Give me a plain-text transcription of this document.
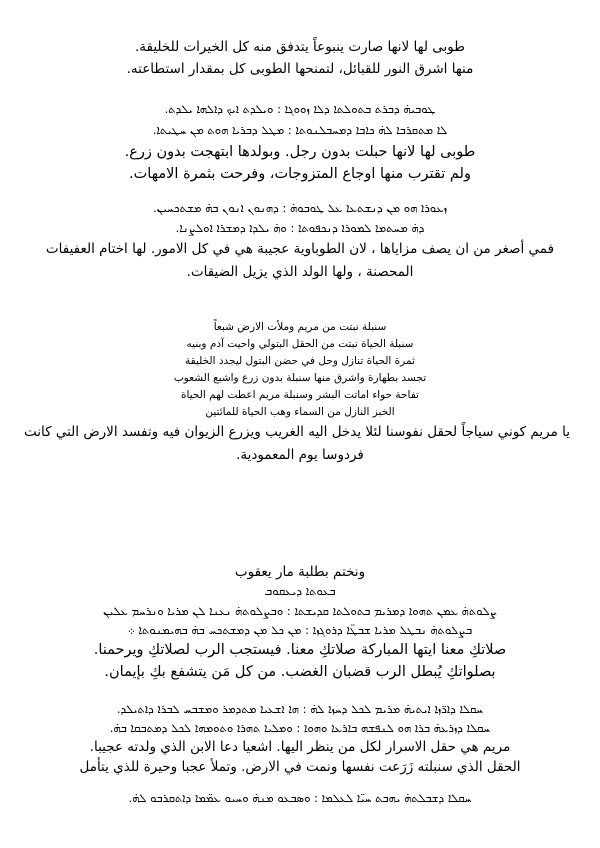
طوبى لها لانها صارت ينبوعاً يتدفق منه كل الخيرات للخليقة.
منها اشرق النور للقبائل، لتمنحها الطوبى كل بمقدار استطاعته.
ܛܘܒܝܗ̇ ܕܒܪܬ ܒܬܘܠܬܐ ܕܠܐ ܙܘܘܓܐ : ܘܝܠܕܬ ܐܝܟ ܕܐܠܗܐ ܝܠܕܬ.
ܠܐ ܡܬܩܪܒܐ ܠܗ̇ ܟܐܒܐ ܕܡܚܒܠܢܘܬܐ : ܡܛܠ ܕܒܪܝܐ ܗܘܬ ܡܢ ܚܛܝܬܐ.
طوبى لها لانها حبلت بدون رجل. وبولدها ابتهجت بدون زرع.
ولم تقترب منها اوجاع المتزوجات، وفرحت بثمرة الامهات.
ܙܥܘܪܐ ܗܘ ܡܢ ܕܢܫܬܥܐ ܥܠ ܛܘܒܘܗ̇ : ܕܗܢܘܢ ܐܢܘܢ ܒܗ̇ ܡܫܬܟܚܝܢ.
ܕܗ̇ ܡܚܬܡܐ ܠܡܘܪܐ ܕܢܟܦܘܬܐ : ܘܗ̇ ܝܠܕܐ ܕܡܫܪܐ ܐܘܠܨܢܐ.
فمي أصغر من ان يصف مزاياها ، لان الطوباوية عجيبة هي في كل الامور. لها اختام العفيفات
المحصنة ، ولها الولد الذي يزيل الضيقات.
سنبلة نبتت من مريم وملأت الارض شبعاً
سنبلة الحياة نبتت من الحقل البتولي واحيت آدم وبنيه
ثمرة الحياة تنازل وحل في حضن البتول ليجدد الخليقة
تجسد بطهارة واشرق منها سنبلة بدون زرع واشبع الشعوب
تفاحة حواء اماتت البشر وسنبلة مريم اعطت لهم الحياة
الخبز النازل من السماء وهب الحياة للمائتين
يا مريم كوني سياجاً لحقل نفوسنا لئلا يدخل اليه الغريب ويزرع الزيوان فيه وتفسد الارض التي كانت
فردوسا يوم المعمودية.
ونختم بطلبة مار يعقوب
ܒܥܘܬܐ ܕܝܥܩܘܒ
ܨܠܘܬܗ̇ ܥܡܢ ܬܗܘܐ ܕܡܪܝܡ ܒܬܘܠܬܐ ܩܕܝܫܬܐ : ܘܒܨܠܘܬܗ̇ ܢܥܢܐ ܠܢ ܡܪܝܐ ܘܢܪܚܡ ܥܠܝܢ
ܒܨܠܘܬܗ̇ ܢܒܛܠ ܡܪܝܐ ܫܒܛ̈ܐ ܕܪܘܓܙܐ : ܡܢ ܟܠ ܡܢ ܕܡܫܬܟܚ ܒܗ̇ ܒܗܝܡܢܘܬܐ ܀
صلاتكِ معنا ايتها المباركة صلاتكِ معنا. فيستجب الرب لصلاتكِ ويرحمنا.
بصلواتكِ يُبطل الرب قضبان الغضب. من كل مَن يتشفع بكِ بإيمان.
ܚܩܠܐ ܕܐܪ̈ܙܐ ܐܝܬܝܗ̇ ܡܪܝܡ ܠܟܠ ܕܚܙܐ ܠܗ̇ : ܗܐ ܐܫܥܝܐ ܡܬܕܡܪ ܘܡܫܒܚ ܠܒܪܐ ܕܐܬܝܠܕ.
ܚܩܠܐ ܕܙܪܥܗ̇ ܒܪܐ ܗܘ ܠܢܦܫܗ ܒܐܪܥܐ ܘܗܘܐ : ܘܡܠܝܐ ܬܗܪܐ ܘܬܘܡܗܐ ܠܟܠ ܕܡܬܒܩܐ ܒܗ̇.
مريم هي حقل الاسرار لكل من ينظر اليها. اشعيا دعا الابن الذي ولدته عجيبا.
الحقل الذي سنبلته زَرَعت نفسها ونمت في الارض. وتملأ عجبا وحيرة للذي يتأمل
ܚܩܠܐ ܕܫܒܠܬܗ̇ ܝܗܒܬ ܚܝ̈ܐ ܠܥܠܡܐ : ܘܣܒܥܘ ܡܢܗ̇ ܘܚܝܘ ܥܡ̈ܡܐ ܕܐܬܩܪܒܘ ܠܗ̇.
